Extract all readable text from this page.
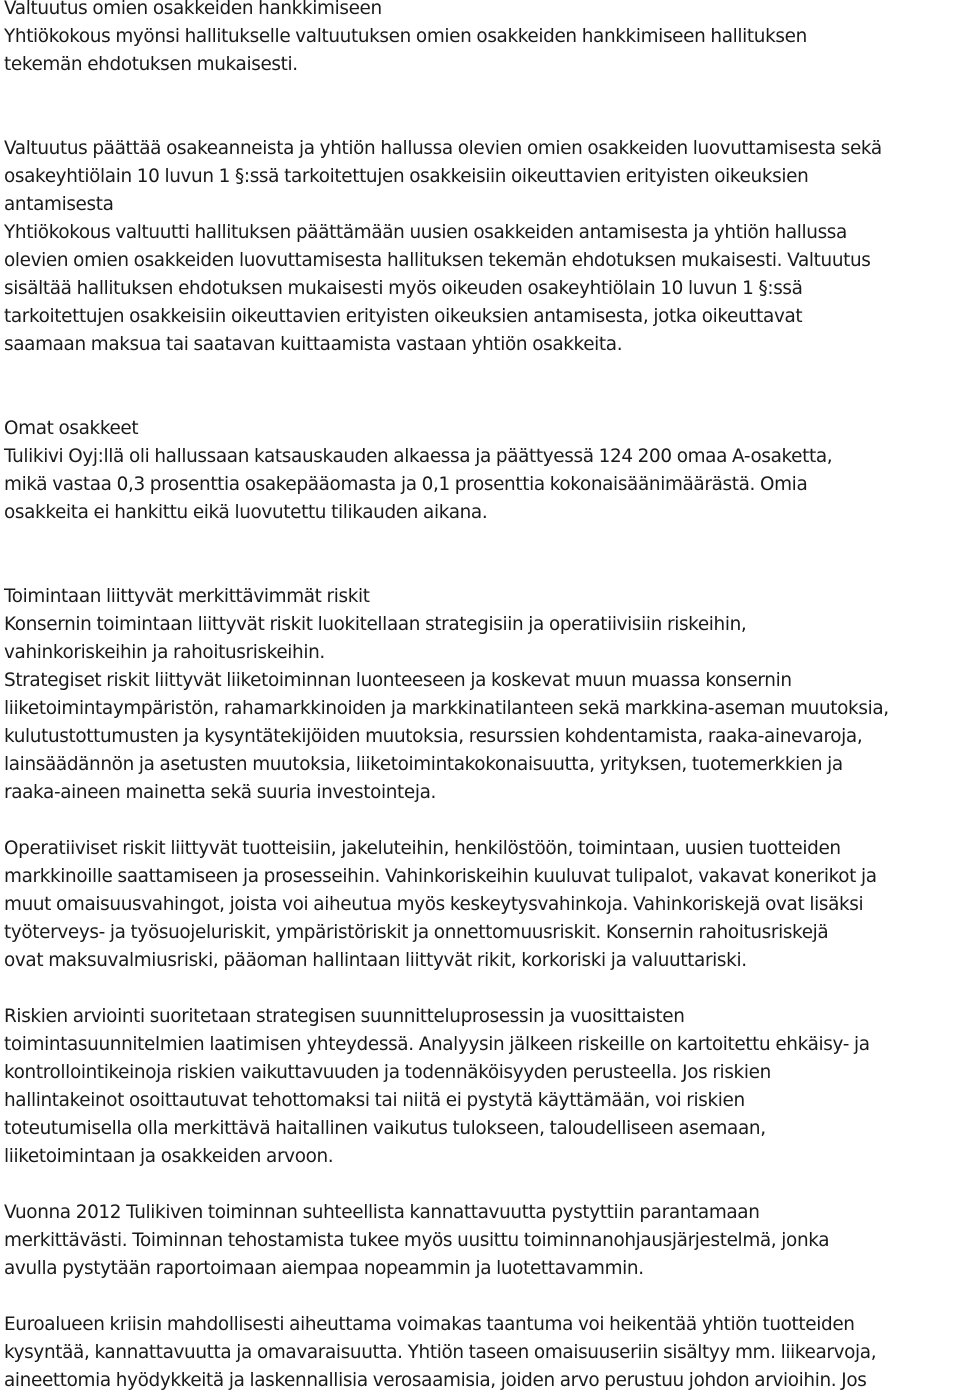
Valtuutus omien osakkeiden hankkimiseen

Yhtiökokous myönsi hallitukselle valtuutuksen omien osakkeiden hankkimiseen hallituksen
tekemän ehdotuksen mukaisesti.

Valtuutus päättää osakeanneista ja yhtiön hallussa olevien omien osakkeiden luovuttamisesta sekä
osakeyhtiölain 10 luvun 1 §:ssä tarkoitettujen osakkeisiin oikeuttavien erityisten oikeuksien
antamisesta

Yhtiökokous valtuutti hallituksen päättämään uusien osakkeiden antamisesta ja yhtiön hallussa
olevien omien osakkeiden luovuttamisesta hallituksen tekemän ehdotuksen mukaisesti. Valtuutus
sisältää hallituksen ehdotuksen mukaisesti myös oikeuden osakeyhtiölain 10 luvun 1 §:ssä
tarkoitettujen osakkeisiin oikeuttavien erityisten oikeuksien antamisesta, jotka oikeuttavat
saamaan maksua tai saatavan kuittaamista vastaan yhtiön osakkeita.

Omat osakkeet

Tulikivi Oyj:llä oli hallussaan katsauskauden alkaessa ja päättyessä 124 200 omaa A-osaketta,
mikä vastaa 0,3 prosenttia osakepääomasta ja 0,1 prosenttia kokonaisäänimäärästä. Omia
osakkeita ei hankittu eikä luovutettu tilikauden aikana.

Toimintaan liittyvät merkittävimmät riskit

Konsernin toimintaan liittyvät riskit luokitellaan strategisiin ja operatiivisiin riskeihin,
vahinkoriskeihin ja rahoitusriskeihin.

Strategiset riskit liittyvät liiketoiminnan luonteeseen ja koskevat muun muassa konsernin
liiketoimintaympäristön, rahamarkkinoiden ja markkinatilanteen sekä markkina-aseman muutoksia,
kulutustottumusten ja kysyntätekijöiden muutoksia, resurssien kohdentamista, raaka-ainevaroja,
lainsäädännön ja asetusten muutoksia, liiketoimintakokonaisuutta, yrityksen, tuotemerkkien ja
raaka-aineen mainetta sekä suuria investointeja.

Operatiiviset riskit liittyvät tuotteisiin, jakeluteihin, henkilöstöön, toimintaan, uusien tuotteiden
markkinoille saattamiseen ja prosesseihin. Vahinkoriskeihin kuuluvat tulipalot, vakavat konerikot ja
muut omaisuusvahingot, joista voi aiheutua myös keskeytysvahinkoja. Vahinkoriskejä ovat lisäksi
työterveys- ja työsuojeluriskit, ympäristöriskit ja onnettomuusriskit. Konsernin rahoitusriskejä
ovat maksuvalmiusriski, pääoman hallintaan liittyvät rikit, korkoriski ja valuuttariski.

Riskien arviointi suoritetaan strategisen suunnitteluprosessin ja vuosittaisten
toimintasuunnitelmien laatimisen yhteydessä. Analyysin jälkeen riskeille on kartoitettu ehkäisy- ja
kontrollointikeinoja riskien vaikuttavuuden ja todennäköisyyden perusteella. Jos riskien
hallintakeinot osoittautuvat tehottomaksi tai niitä ei pystytä käyttämään, voi riskien
toteutumisella olla merkittävä haitallinen vaikutus tulokseen, taloudelliseen asemaan,
liiketoimintaan ja osakkeiden arvoon.

Vuonna 2012 Tulikiven toiminnan suhteellista kannattavuutta pystyttiin parantamaan
merkittävästi. Toiminnan tehostamista tukee myös uusittu toiminnanohjausjärjestelmä, jonka
avulla pystytään raportoimaan aiempaa nopeammin ja luotettavammin.

Euroalueen kriisin mahdollisesti aiheuttama voimakas taantuma voi heikentää yhtiön tuotteiden
kysyntää, kannattavuutta ja omavaraisuutta. Yhtiön taseen omaisuuseriin sisältyy mm. liikearvoja,
aineettomia hyödykkeitä ja laskennallisia verosaamisia, joiden arvo perustuu johdon arvioihin. Jos
